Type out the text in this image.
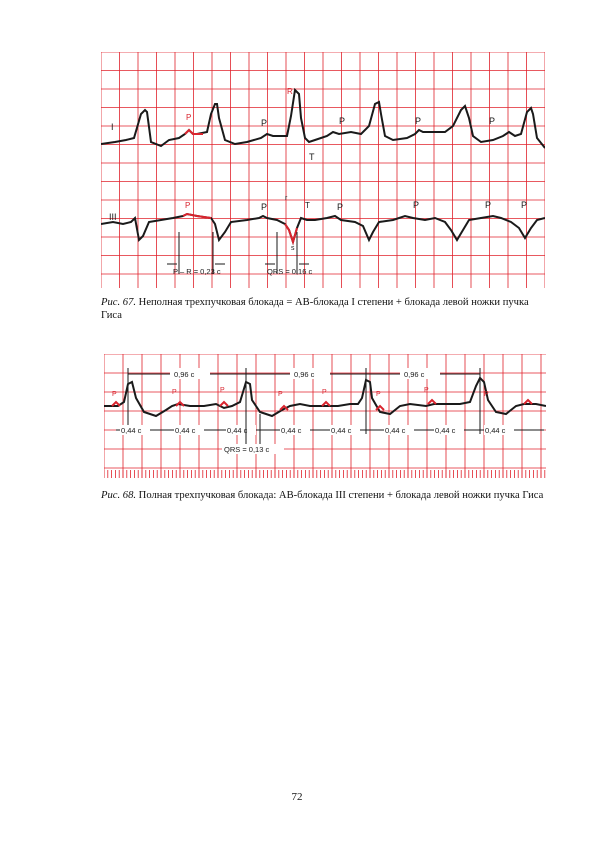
I
III
P
P
R
P	P	P
T
P	P
r
T	P	P	P	P
s
P – R = 0,23 c	QRS = 0,16 c

Рис. 67. Неполная трехпучковая блокада = АВ-блокада I степени + блокада левой ножки пучка Гиса

0,96 с	0,96 с	0,96 с
P	P	P
P	P	P
P
P
0,44 с	0,44 с	0,44 с	0,44 с	0,44 с	0,44 с	0,44 с
0,44 с
QRS = 0,13 с

Рис. 68. Полная трехпучковая блокада: АВ-блокада III степени + блокада левой ножки пучка Гиса

72
